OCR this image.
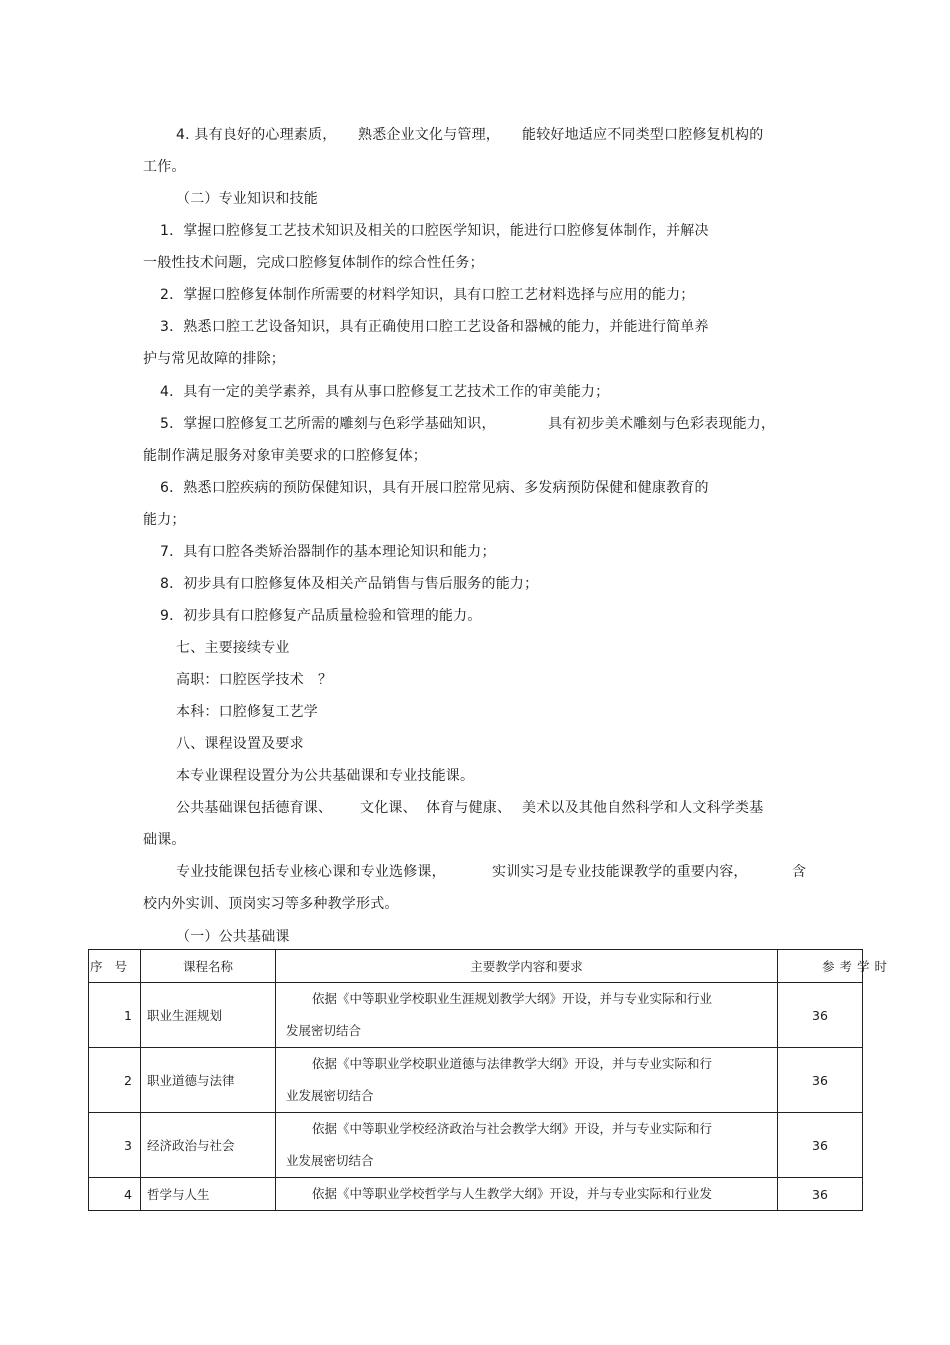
4. 具有良好的心理素质， 熟悉企业文化与管理， 能较好地适应不同类型口腔修复机构的
工作。
（二）专业知识和技能
1．掌握口腔修复工艺技术知识及相关的口腔医学知识，能进行口腔修复体制作，并解决
一般性技术问题，完成口腔修复体制作的综合性任务；
2．掌握口腔修复体制作所需要的材料学知识，具有口腔工艺材料选择与应用的能力；
3．熟悉口腔工艺设备知识，具有正确使用口腔工艺设备和器械的能力，并能进行简单养
护与常见故障的排除；
4．具有一定的美学素养，具有从事口腔修复工艺技术工作的审美能力；
5．掌握口腔修复工艺所需的雕刻与色彩学基础知识，	具有初步美术雕刻与色彩表现能力，
能制作满足服务对象审美要求的口腔修复体；
6．熟悉口腔疾病的预防保健知识，具有开展口腔常见病、多发病预防保健和健康教育的
能力；
7．具有口腔各类矫治器制作的基本理论知识和能力；
8．初步具有口腔修复体及相关产品销售与售后服务的能力；
9．初步具有口腔修复产品质量检验和管理的能力。
七、主要接续专业
高职：口腔医学技术　？
本科：口腔修复工艺学
八、课程设置及要求
本专业课程设置分为公共基础课和专业技能课。
公共基础课包括德育课、 文化课、 体育与健康、 美术以及其他自然科学和人文科学类基
础课。
专业技能课包括专业核心课和专业选修课，	实训实习是专业技能课教学的重要内容，	含
校内外实训、顶岗实习等多种教学形式。
（一）公共基础课
序号	课程名称	主要教学内容和要求	参考学时
1	职业生涯规划	依据《中等职业学校职业生涯规划教学大纲》开设，并与专业实际和行业
发展密切结合	36
2	职业道德与法律	依据《中等职业学校职业道德与法律教学大纲》开设，并与专业实际和行
业发展密切结合	36
3	经济政治与社会	依据《中等职业学校经济政治与社会教学大纲》开设，并与专业实际和行
业发展密切结合	36
4	哲学与人生	依据《中等职业学校哲学与人生教学大纲》开设，并与专业实际和行业发	36
